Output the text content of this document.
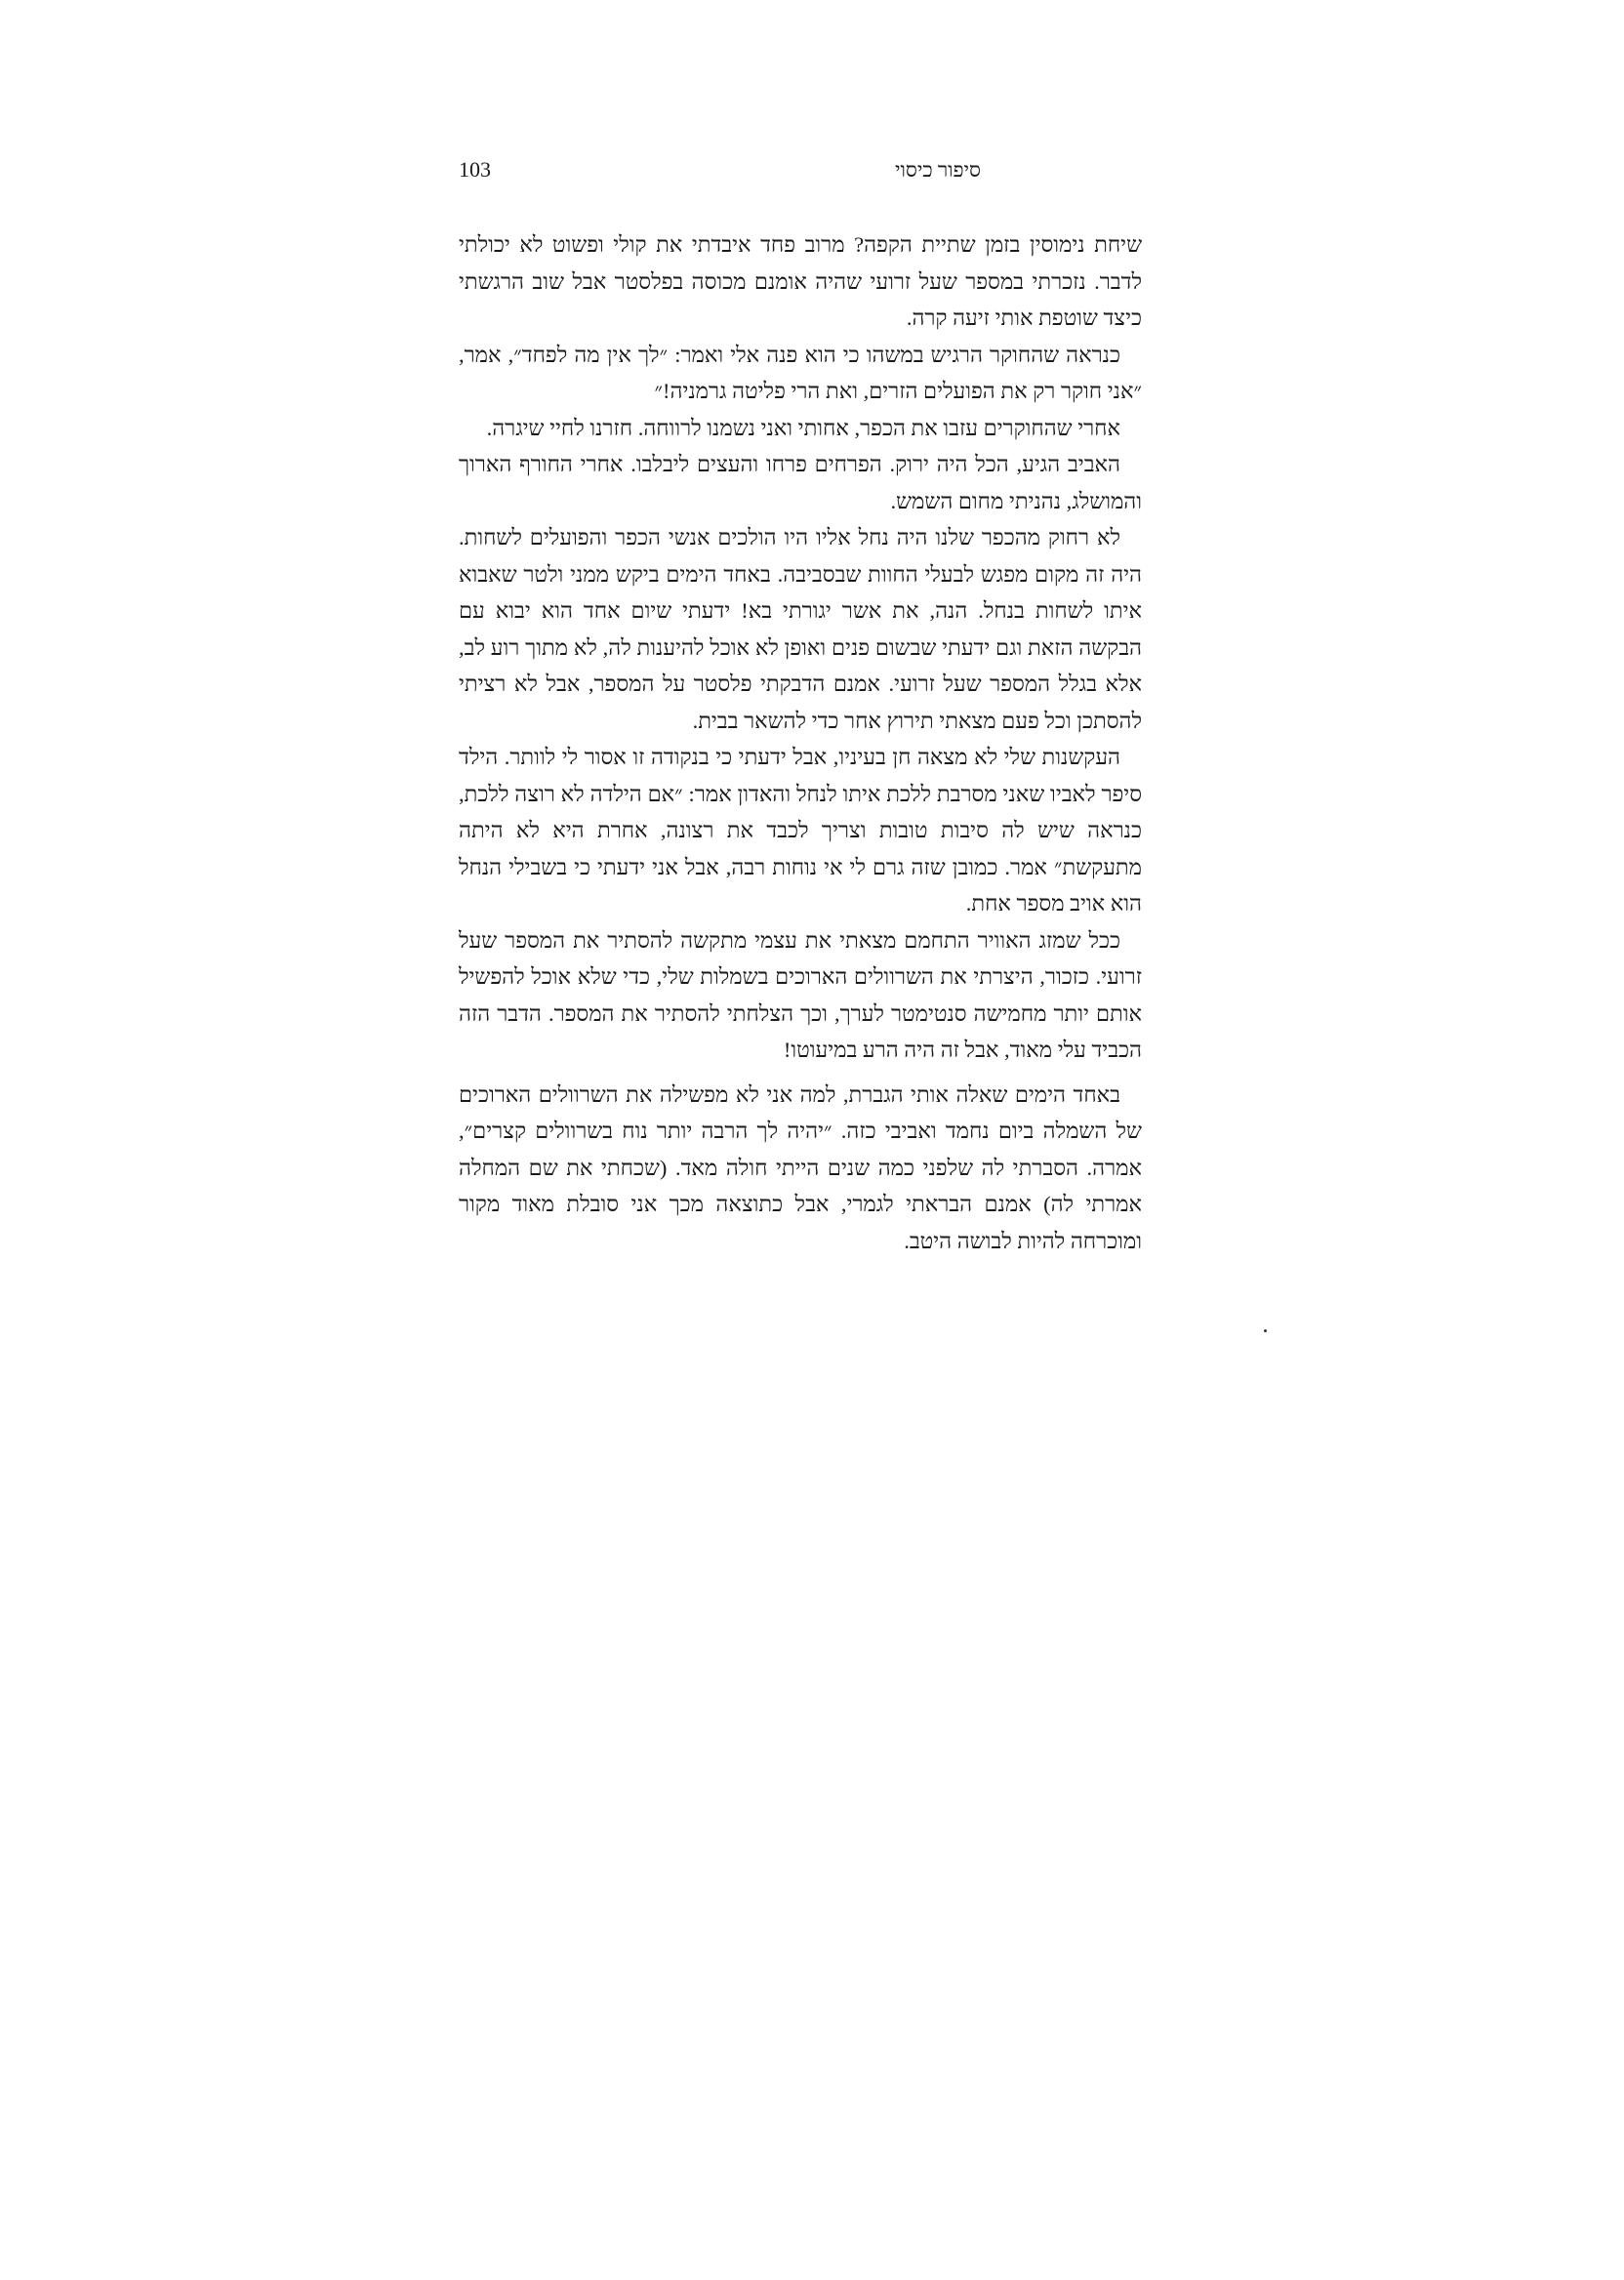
103	סיפור כיסוי

שיחת נימוסין בזמן שתיית הקפה? מרוב פחד איבדתי את קולי ופשוט לא יכולתי לדבר. נזכרתי במספר שעל זרועי שהיה אומנם מכוסה בפלסטר אבל שוב הרגשתי כיצד שוטפת אותי זיעה קרה.

כנראה שהחוקר הרגיש במשהו כי הוא פנה אלי ואמר: ״לך אין מה לפחד״, אמר, ״אני חוקר רק את הפועלים הזרים, ואת הרי פליטה גרמניה!״

אחרי שהחוקרים עזבו את הכפר, אחותי ואני נשמנו לרווחה. חזרנו לחיי שיגרה.

האביב הגיע, הכל היה ירוק. הפרחים פרחו והעצים ליבלבו. אחרי החורף הארוך והמושלג, נהניתי מחום השמש.

לא רחוק מהכפר שלנו היה נחל אליו היו הולכים אנשי הכפר והפועלים לשחות. היה זה מקום מפגש לבעלי החוות שבסביבה. באחד הימים ביקש ממני ולטר שאבוא איתו לשחות בנחל. הנה, את אשר יגורתי בא! ידעתי שיום אחד הוא יבוא עם הבקשה הזאת וגם ידעתי שבשום פנים ואופן לא אוכל להיענות לה, לא מתוך רוע לב, אלא בגלל המספר שעל זרועי. אמנם הדבקתי פלסטר על המספר, אבל לא רציתי להסתכן וכל פעם מצאתי תירוץ אחר כדי להשאר בבית.

העקשנות שלי לא מצאה חן בעיניו, אבל ידעתי כי בנקודה זו אסור לי לוותר. הילד סיפר לאביו שאני מסרבת ללכת איתו לנחל והאדון אמר: ״אם הילדה לא רוצה ללכת, כנראה שיש לה סיבות טובות וצריך לכבד את רצונה, אחרת היא לא היתה מתעקשת״ אמר. כמובן שזה גרם לי אי נוחות רבה, אבל אני ידעתי כי בשבילי הנחל הוא אויב מספר אחת.

ככל שמזג האוויר התחמם מצאתי את עצמי מתקשה להסתיר את המספר שעל זרועי. כזכור, היצרתי את השרוולים הארוכים בשמלות שלי, כדי שלא אוכל להפשיל אותם יותר מחמישה סנטימטר לערך, וכך הצלחתי להסתיר את המספר. הדבר הזה הכביד עלי מאוד, אבל זה היה הרע במיעוטו!

באחד הימים שאלה אותי הגברת, למה אני לא מפשילה את השרוולים הארוכים של השמלה ביום נחמד ואביבי כזה. ״יהיה לך הרבה יותר נוח בשרוולים קצרים״, אמרה. הסברתי לה שלפני כמה שנים הייתי חולה מאד. (שכחתי את שם המחלה אמרתי לה) אמנם הבראתי לגמרי, אבל כתוצאה מכך אני סובלת מאוד מקור ומוכרחה להיות לבושה היטב.
